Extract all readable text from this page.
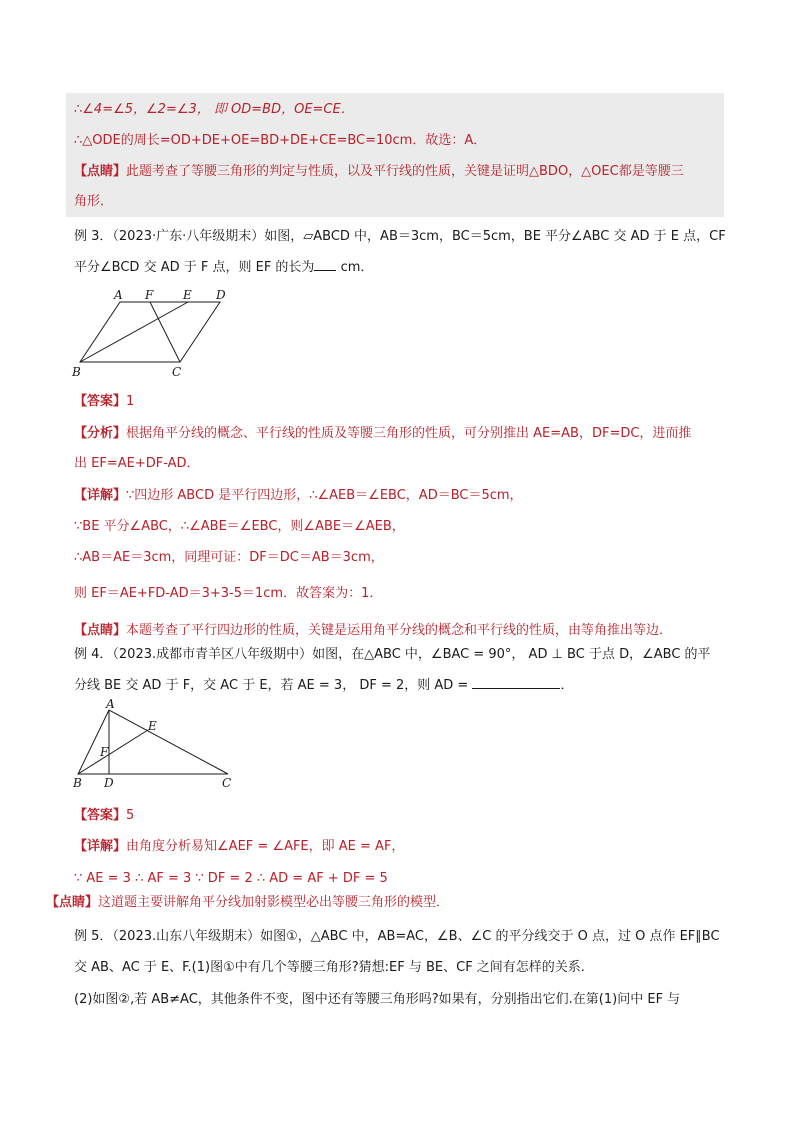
∴∠4=∠5，∠2=∠3， 即 OD=BD，OE=CE．
∴△ODE的周长=OD+DE+OE=BD+DE+CE=BC=10cm．故选：A．
【点睛】此题考查了等腰三角形的判定与性质，以及平行线的性质，关键是证明△BDO，△OEC都是等腰三
角形．
例 3．（2023·广东·八年级期末）如图，▱ABCD 中，AB＝3cm，BC＝5cm，BE 平分∠ABC 交 AD 于 E 点，CF
平分∠BCD 交 AD 于 F 点，则 EF 的长为 cm．
A F E D
B	C
【答案】1
【分析】根据角平分线的概念、平行线的性质及等腰三角形的性质，可分别推出 AE=AB，DF=DC，进而推
出 EF=AE+DF-AD．
【详解】∵四边形 ABCD 是平行四边形，∴∠AEB＝∠EBC，AD＝BC＝5cm，
∵BE 平分∠ABC，∴∠ABE＝∠EBC，则∠ABE＝∠AEB，
∴AB＝AE＝3cm，同理可证：DF＝DC＝AB＝3cm，
则 EF＝AE+FD-AD＝3+3-5＝1cm．故答案为：1．
【点睛】本题考查了平行四边形的性质，关键是运用角平分线的概念和平行线的性质，由等角推出等边．
例 4．（2023.成都市青羊区八年级期中）如图，在△ABC 中，∠BAC = 90°， AD ⊥ BC 于点 D，∠ABC 的平
分线 BE 交 AD 于 F，交 AC 于 E，若 AE = 3， DF = 2，则 AD =	．
A
E
F
B D	C
【答案】5
【详解】由角度分析易知∠AEF = ∠AFE，即 AE = AF，
∵ AE = 3 ∴ AF = 3 ∵ DF = 2 ∴ AD = AF + DF = 5
【点睛】这道题主要讲解角平分线加射影模型必出等腰三角形的模型．
例 5．（2023.山东八年级期末）如图①，△ABC 中，AB=AC，∠B、∠C 的平分线交于 O 点，过 O 点作 EF∥BC
交 AB、AC 于 E、F.(1)图①中有几个等腰三角形?猜想:EF 与 BE、CF 之间有怎样的关系.
(2)如图②,若 AB≠AC，其他条件不变，图中还有等腰三角形吗?如果有，分别指出它们.在第(1)问中 EF 与
